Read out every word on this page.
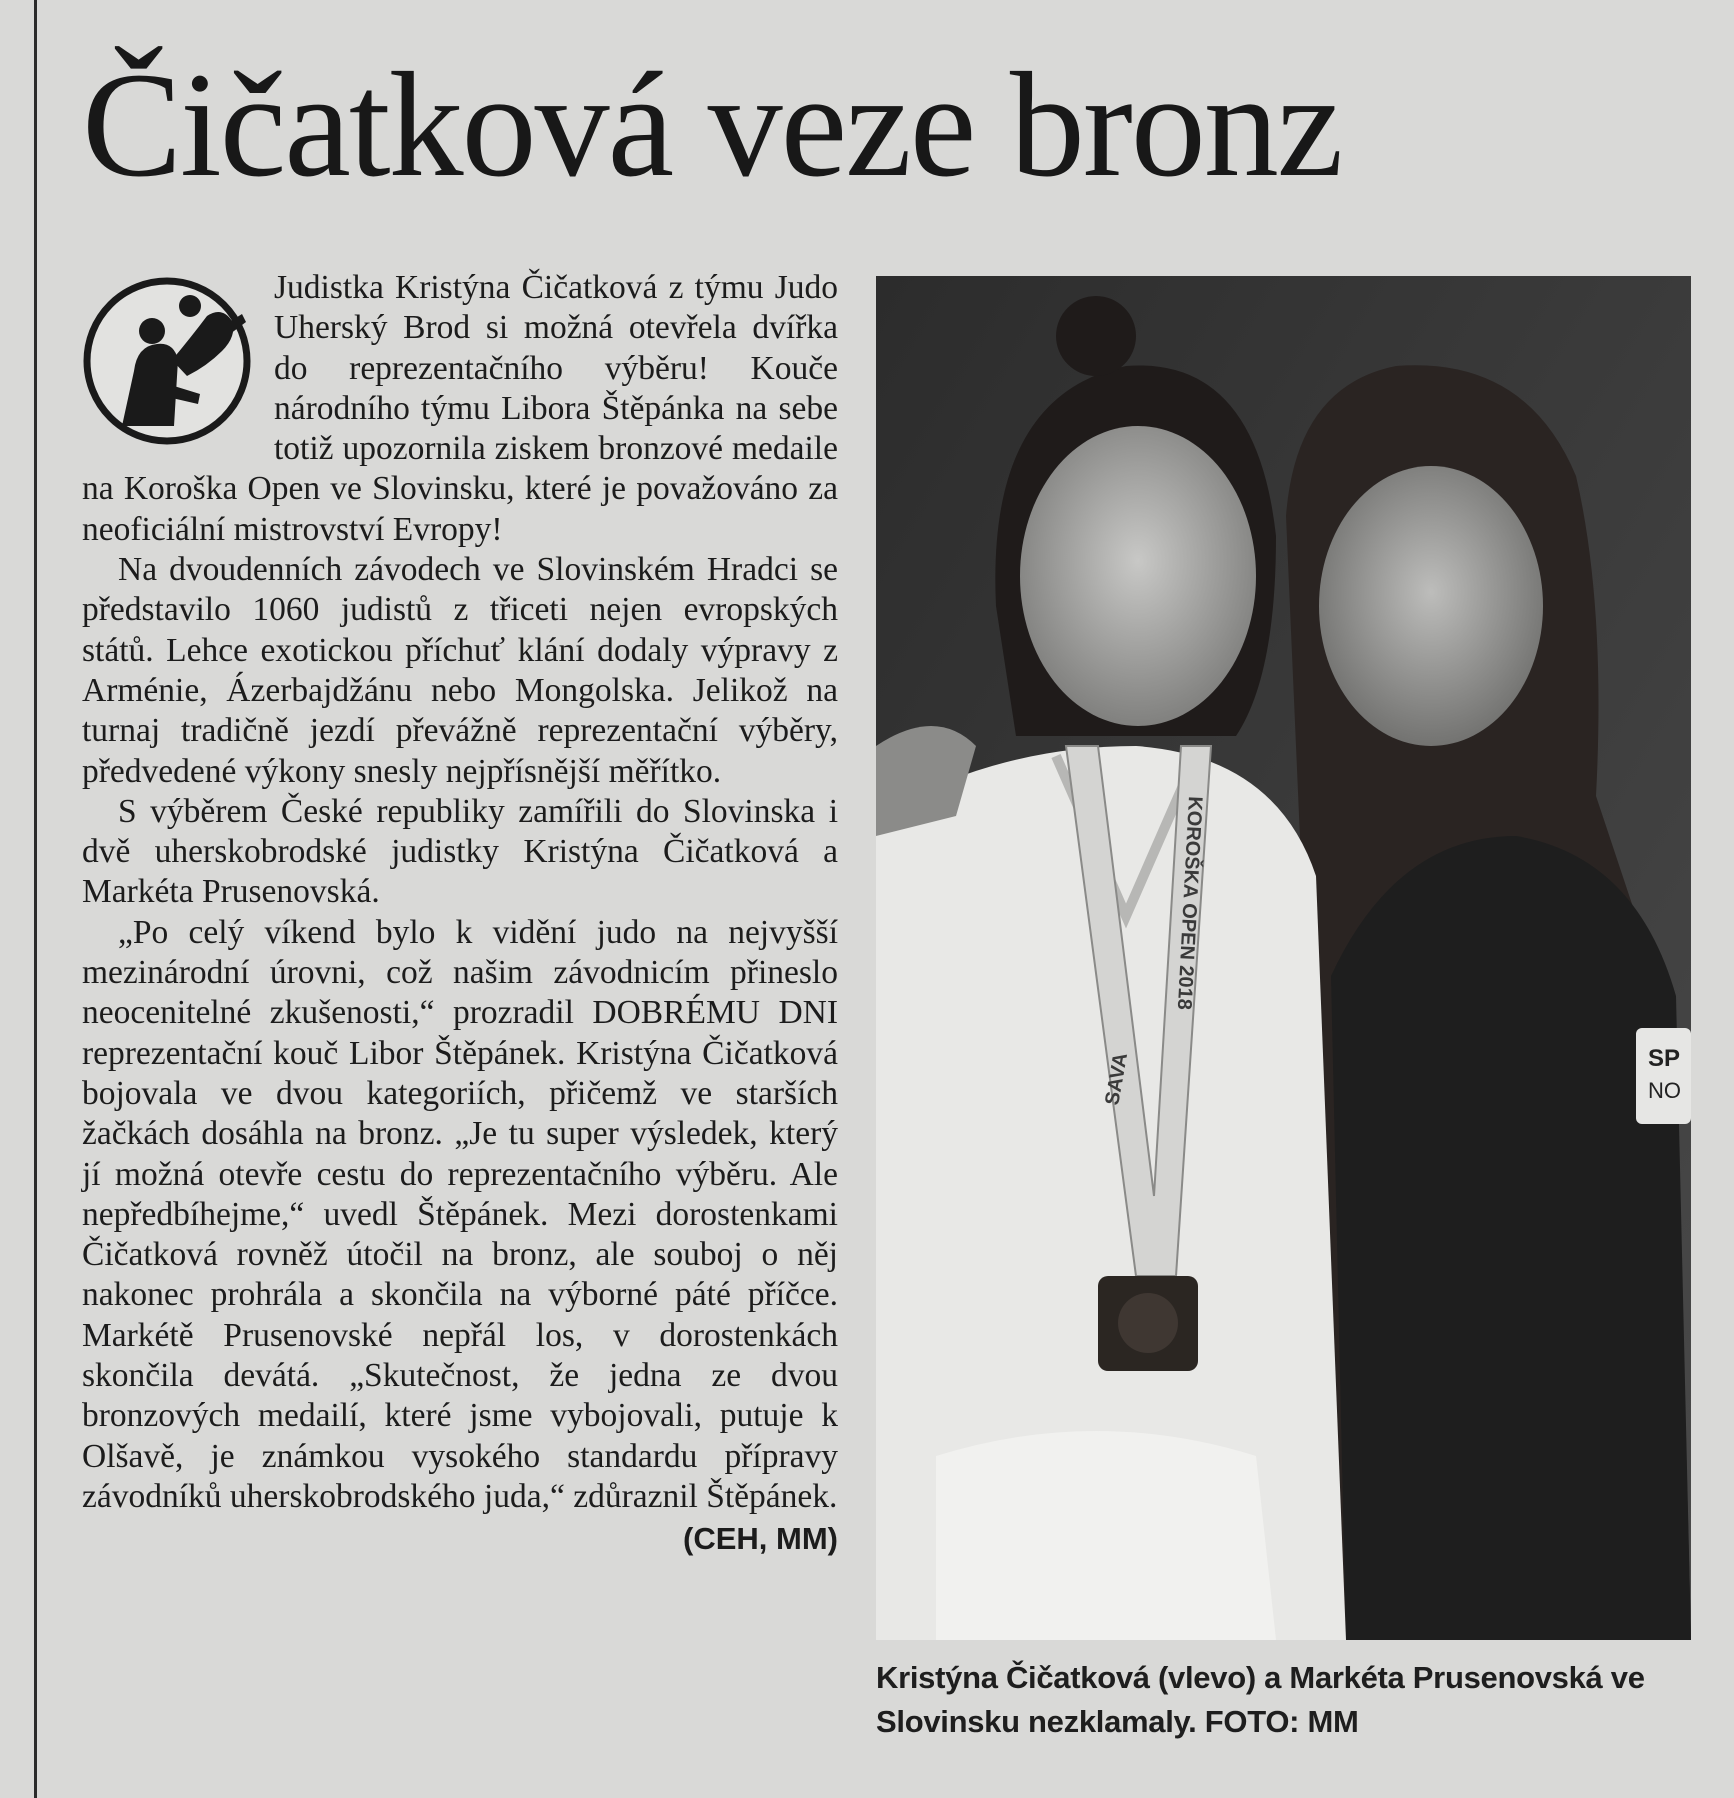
Čičatková veze bronz

Judistka Kristýna Čičatková z týmu Judo Uherský Brod si možná otevřela dvířka do reprezentačního výběru! Kouče národního týmu Libora Štěpánka na sebe totiž upozornila ziskem bronzové medaile na Koroška Open ve Slovinsku, které je považováno za neoficiální mistrovství Evropy!

Na dvoudenních závodech ve Slovinském Hradci se představilo 1060 judistů z třiceti nejen evropských států. Lehce exotickou příchuť klání dodaly výpravy z Arménie, Ázerbajdžánu nebo Mongolska. Jelikož na turnaj tradičně jezdí převážně reprezentační výběry, předvedené výkony snesly nejpřísnější měřítko.

S výběrem České republiky zamířili do Slovinska i dvě uherskobrodské judistky Kristýna Čičatková a Markéta Prusenovská.

„Po celý víkend bylo k vidění judo na nejvyšší mezinárodní úrovni, což našim závodnicím přineslo neocenitelné zkušenosti,“ prozradil DOBRÉMU DNI reprezentační kouč Libor Štěpánek. Kristýna Čičatková bojovala ve dvou kategoriích, přičemž ve starších žačkách dosáhla na bronz. „Je tu super výsledek, který jí možná otevře cestu do reprezentačního výběru. Ale nepředbíhejme,“ uvedl Štěpánek. Mezi dorostenkami Čičatková rovněž útočil na bronz, ale souboj o něj nakonec prohrála a skončila na výborné páté příčce. Markétě Prusenovské nepřál los, v dorostenkách skončila devátá. „Skutečnost, že jedna ze dvou bronzových medailí, které jsme vybojovali, putuje k Olšavě, je známkou vysokého standardu přípravy závodníků uherskobrodského juda,“ zdůraznil Štěpánek.
(CEH, MM)

SP
NO
KOROŠKA OPEN 2018
SAVA
Kristýna Čičatková (vlevo) a Markéta Prusenovská ve Slovinsku nezklamaly. FOTO: MM
